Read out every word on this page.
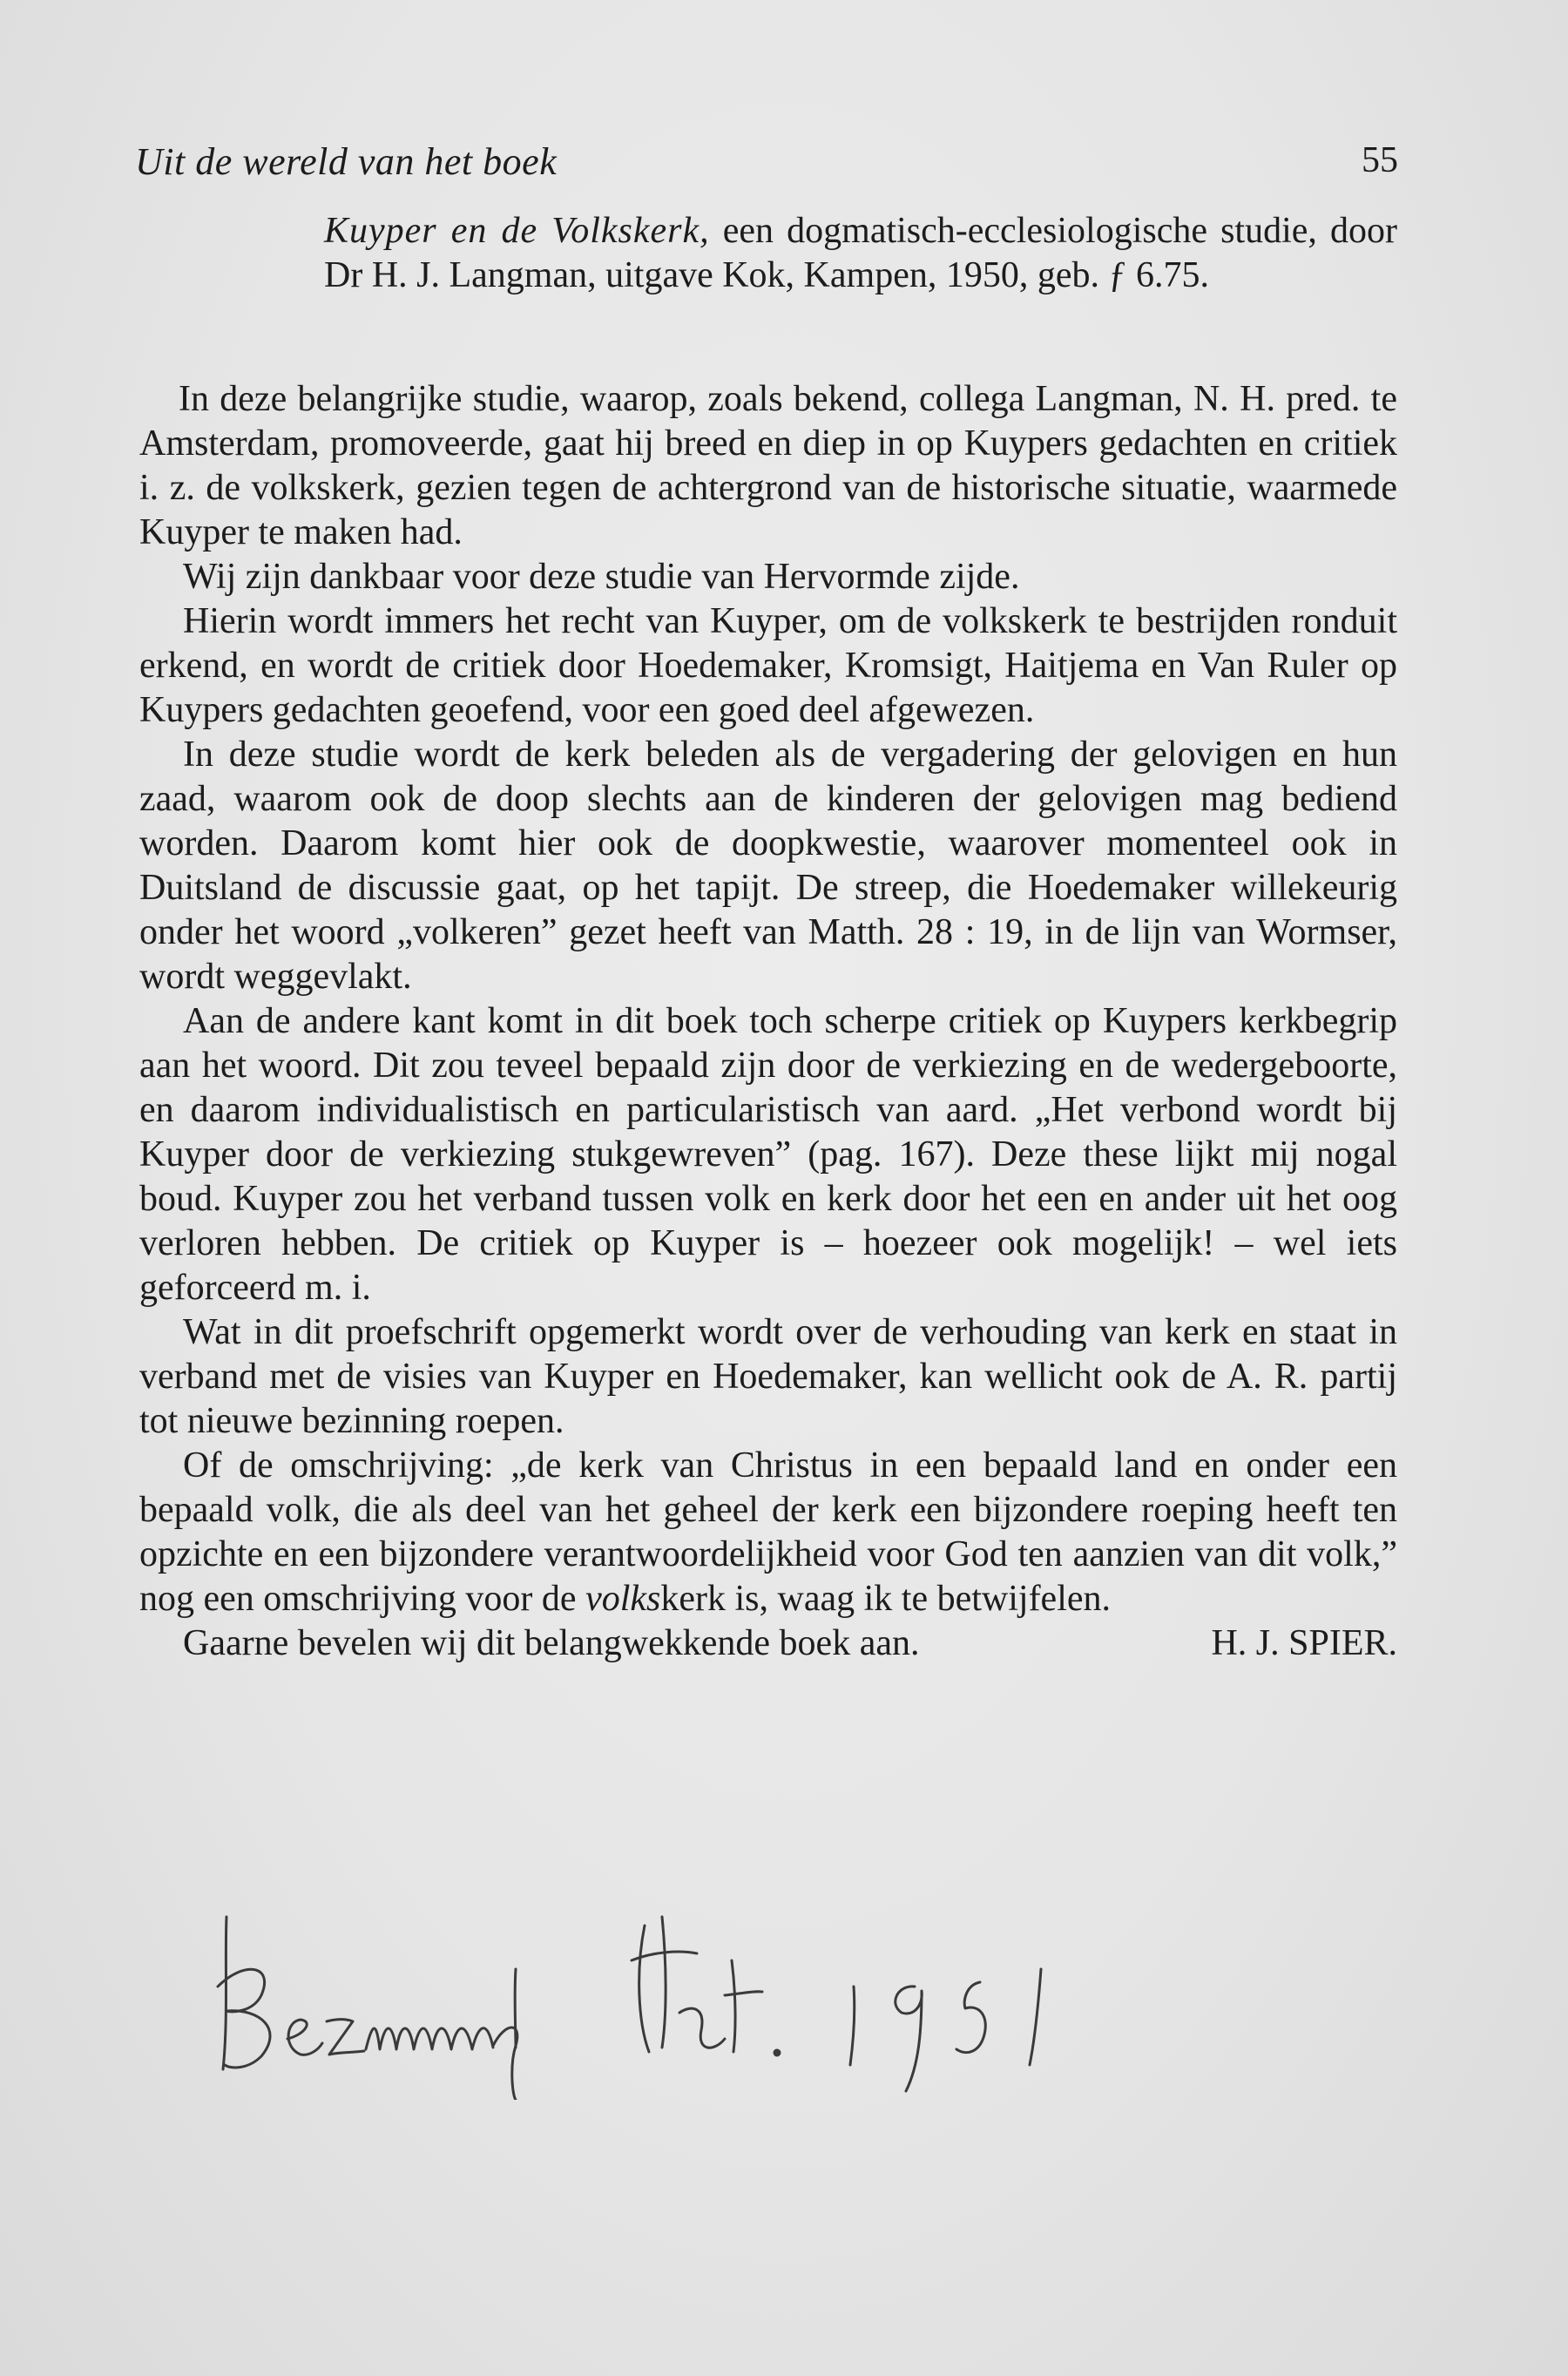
Uit de wereld van het boek	55
Kuyper en de Volkskerk, een dogmatisch-ecclesiologische studie, door Dr H. J. Langman, uitgave Kok, Kampen, 1950, geb. ƒ 6.75.

In deze belangrijke studie, waarop, zoals bekend, collega Langman, N. H. pred. te Amsterdam, promoveerde, gaat hij breed en diep in op Kuypers gedachten en critiek i. z. de volkskerk, gezien tegen de achtergrond van de historische situatie, waarmede Kuyper te maken had.

Wij zijn dankbaar voor deze studie van Hervormde zijde.

Hierin wordt immers het recht van Kuyper, om de volkskerk te bestrijden ronduit erkend, en wordt de critiek door Hoedemaker, Kromsigt, Haitjema en Van Ruler op Kuypers gedachten geoefend, voor een goed deel afgewezen.

In deze studie wordt de kerk beleden als de vergadering der gelovigen en hun zaad, waarom ook de doop slechts aan de kinderen der gelovigen mag bediend worden. Daarom komt hier ook de doopkwestie, waarover momenteel ook in Duitsland de discussie gaat, op het tapijt. De streep, die Hoedemaker willekeurig onder het woord „volkeren” gezet heeft van Matth. 28 : 19, in de lijn van Wormser, wordt weggevlakt.

Aan de andere kant komt in dit boek toch scherpe critiek op Kuypers kerkbegrip aan het woord. Dit zou teveel bepaald zijn door de verkiezing en de wedergeboorte, en daarom individualistisch en particularistisch van aard. „Het verbond wordt bij Kuyper door de verkiezing stukgewreven” (pag. 167). Deze these lijkt mij nogal boud. Kuyper zou het verband tussen volk en kerk door het een en ander uit het oog verloren hebben. De critiek op Kuyper is – hoezeer ook mogelijk! – wel iets geforceerd m. i.

Wat in dit proefschrift opgemerkt wordt over de verhouding van kerk en staat in verband met de visies van Kuyper en Hoedemaker, kan wellicht ook de A. R. partij tot nieuwe bezinning roepen.

Of de omschrijving: „de kerk van Christus in een bepaald land en onder een bepaald volk, die als deel van het geheel der kerk een bijzondere roeping heeft ten opzichte en een bijzondere verantwoordelijkheid voor God ten aanzien van dit volk,” nog een omschrijving voor de volkskerk is, waag ik te betwijfelen.

Gaarne bevelen wij dit belangwekkende boek aan.	H. J. SPIER.
